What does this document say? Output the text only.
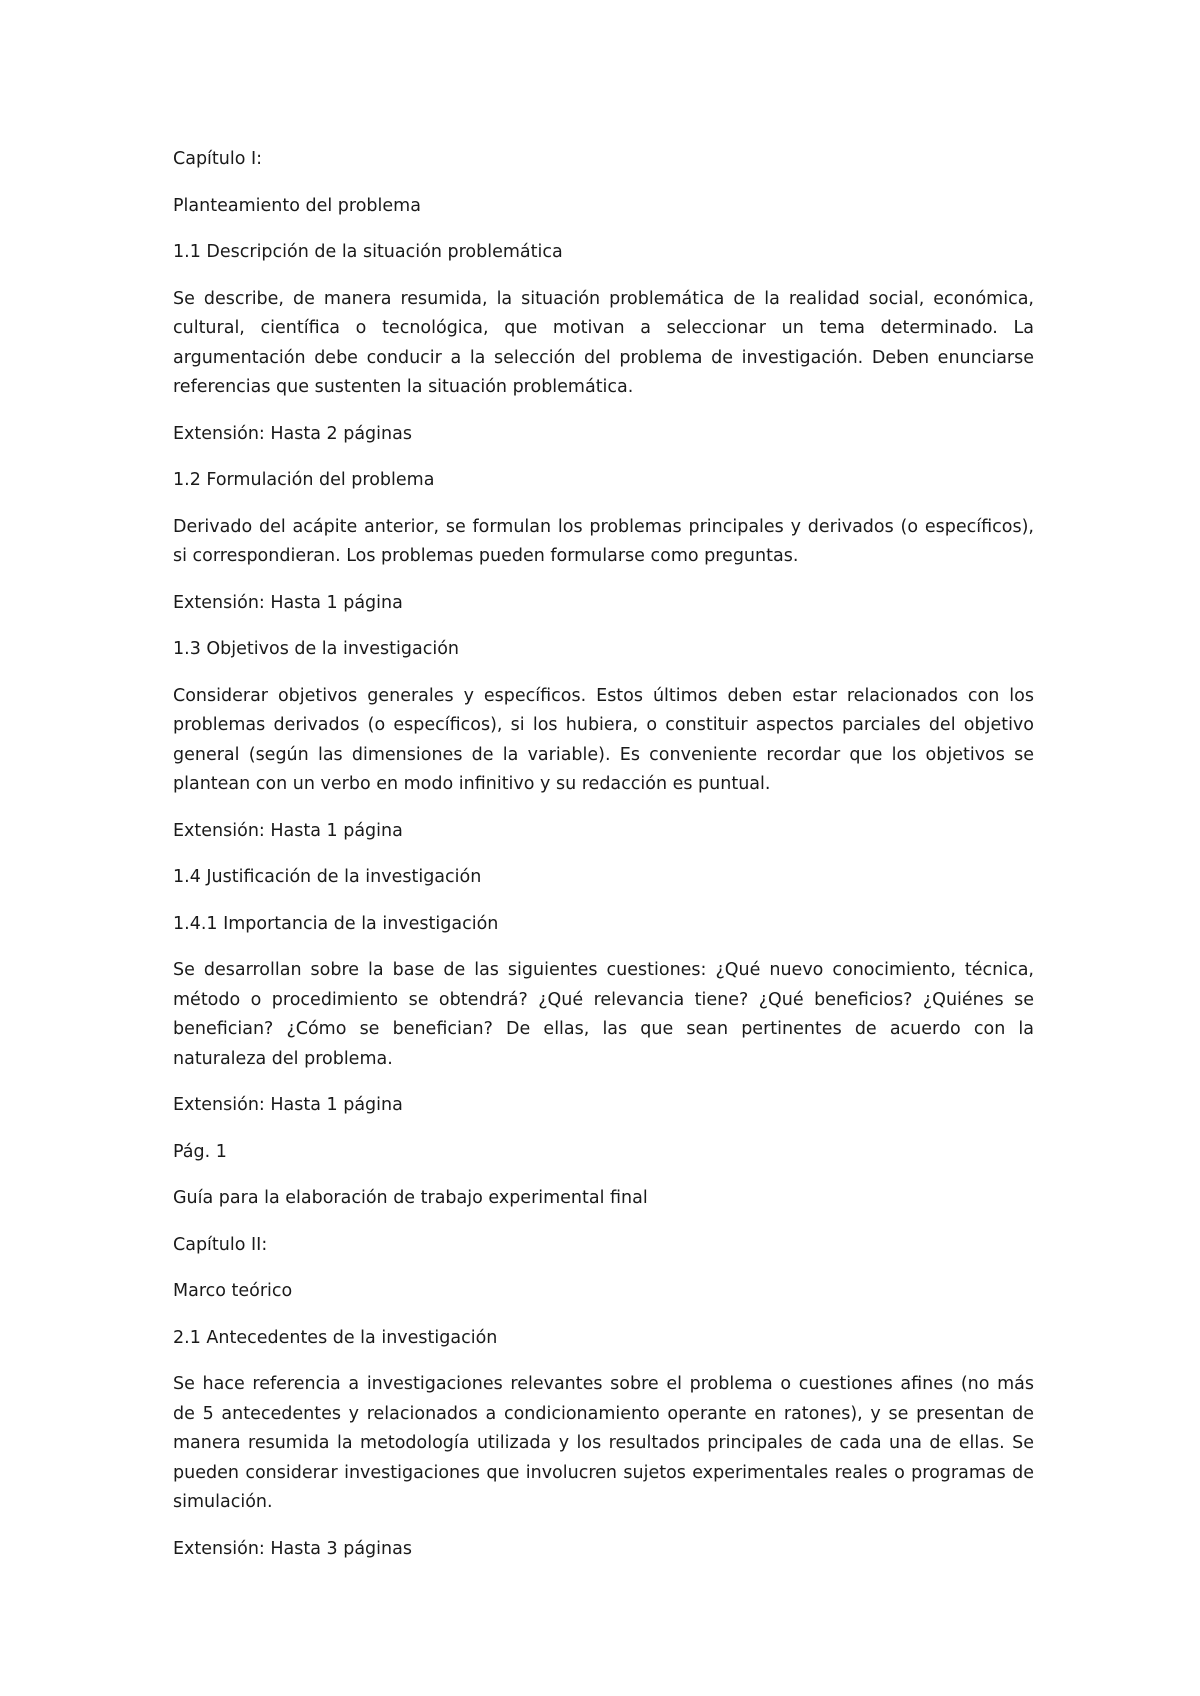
Capítulo I:

Planteamiento del problema

1.1 Descripción de la situación problemática

Se describe, de manera resumida, la situación problemática de la realidad social, económica, cultural, científica o tecnológica, que motivan a seleccionar un tema determinado. La argumentación debe conducir a la selección del problema de investigación. Deben enunciarse referencias que sustenten la situación problemática.

Extensión: Hasta 2 páginas

1.2 Formulación del problema

Derivado del acápite anterior, se formulan los problemas principales y derivados (o específicos), si correspondieran. Los problemas pueden formularse como preguntas.

Extensión: Hasta 1 página

1.3 Objetivos de la investigación

Considerar objetivos generales y específicos. Estos últimos deben estar relacionados con los problemas derivados (o específicos), si los hubiera, o constituir aspectos parciales del objetivo general (según las dimensiones de la variable). Es conveniente recordar que los objetivos se plantean con un verbo en modo infinitivo y su redacción es puntual.

Extensión: Hasta 1 página

1.4 Justificación de la investigación

1.4.1 Importancia de la investigación

Se desarrollan sobre la base de las siguientes cuestiones: ¿Qué nuevo conocimiento, técnica, método o procedimiento se obtendrá? ¿Qué relevancia tiene? ¿Qué beneficios? ¿Quiénes se benefician? ¿Cómo se benefician? De ellas, las que sean pertinentes de acuerdo con la naturaleza del problema.

Extensión: Hasta 1 página

Pág. 1

Guía para la elaboración de trabajo experimental final

Capítulo II:

Marco teórico

2.1 Antecedentes de la investigación

Se hace referencia a investigaciones relevantes sobre el problema o cuestiones afines (no más de 5 antecedentes y relacionados a condicionamiento operante en ratones), y se presentan de manera resumida la metodología utilizada y los resultados principales de cada una de ellas. Se pueden considerar investigaciones que involucren sujetos experimentales reales o programas de simulación.

Extensión: Hasta 3 páginas
